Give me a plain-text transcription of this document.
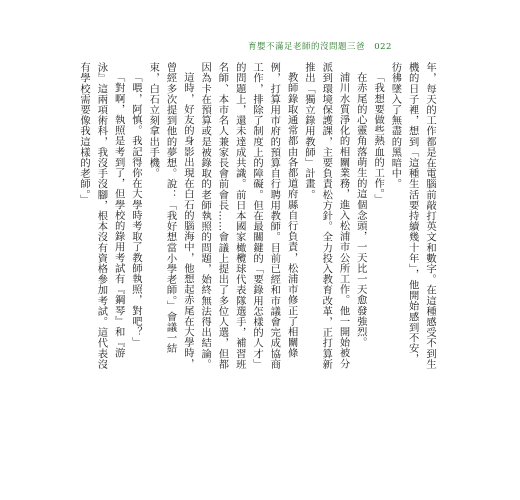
育嬰不滿足老師的沒問題三爸 022

年，每天的工作都是在電腦前敲打英文和數字。在這種感受不到生機的日子裡，想到「這種生活要持續幾十年」，他開始感到不安，彷彿墜入了無盡的黑暗中。

「我想要做些熱血的工作。」

在赤尾的心靈角落萌生的這個念頭，一天比一天愈發強烈。

浦川水質淨化的相關業務，進入松浦市公所工作。他一開始被分派到環境保護課，主要負責松方針。全力投入教育改革，正打算新推出「獨立錄用教師」計畫。

教師錄取通常都由各都道府縣自行負責，松浦市修正了相關條例，打算用市府的預算自行聘用教師。目前已經和市議會完成協商工作，排除了制度上的障礙。但在最關鍵的「要錄用怎樣的人才」的問題上，還未達成共識。前日本國家橄欖球代表隊選手，補習班名師、本市名人兼家長會前會長……會議上提出了多位人選，但都因為卡在預算或是被錄取的老師執照的問題，始終無法得出結論。

這時，好友的身影出現在白石的腦海中，他想起赤尾在大學時，曾經多次提到他的夢想。說：「我好想當小學老師。」會議一結束，白石立刻拿出手機。

「喂，阿慎。我記得你在大學時考取了教師執照，對吧？」

「對啊，執照是考到了，但學校的錄用考試有『鋼琴』和『游泳』這兩項術科，我沒手沒腳，根本沒有資格參加考試。這代表沒有學校需要像我這樣的老師。」
